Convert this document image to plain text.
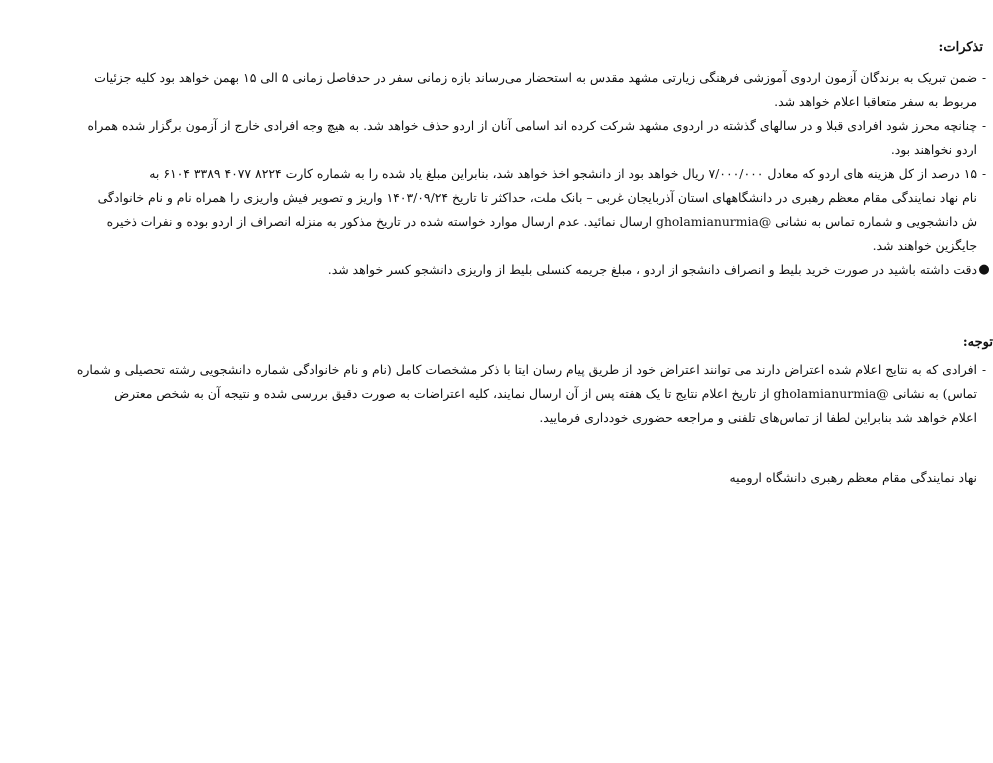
تذکرات:
-
ضمن تبریک به برندگان آزمون اردوی آموزشی فرهنگی زیارتی مشهد مقدس به استحضار می‌رساند بازه زمانی سفر در حدفاصل زمانی ۵ الی ۱۵ بهمن خواهد بود کلیه جزئیات
مربوط به سفر متعاقبا اعلام خواهد شد.
-
چنانچه محرز شود افرادی قبلا و در سالهای گذشته در اردوی مشهد شرکت کرده اند اسامی آنان از اردو حذف خواهد شد. به هیچ وجه افرادی خارج از آزمون برگزار شده همراه
اردو نخواهند بود.
-
۱۵ درصد از کل هزینه های اردو که معادل ۷/۰۰۰/۰۰۰ ریال خواهد بود از دانشجو اخذ خواهد شد، بنابراین مبلغ یاد شده را به شماره کارت ۸۲۲۴ ۴۰۷۷ ۳۳۸۹ ۶۱۰۴ به
نام نهاد نمایندگی مقام معظم رهبری در دانشگاههای استان آذربایجان غربی – بانک ملت، حداکثر تا تاریخ ۱۴۰۳/۰۹/۲۴ واریز و تصویر فیش واریزی را همراه نام و نام خانوادگی
ش دانشجویی و شماره تماس به نشانی @gholamianurmia ارسال نمائید. عدم ارسال موارد خواسته شده در تاریخ مذکور به منزله انصراف از اردو بوده و نفرات ذخیره
جایگزین خواهند شد.
●
دقت داشته باشید در صورت خرید بلیط و انصراف دانشجو از اردو ، مبلغ جریمه کنسلی بلیط از واریزی دانشجو کسر خواهد شد.
توجه:
-
افرادی که به نتایج اعلام شده اعتراض دارند می توانند اعتراض خود از طریق پیام رسان ایتا با ذکر مشخصات کامل (نام و نام خانوادگی شماره دانشجویی رشته تحصیلی و شماره
تماس) به نشانی @gholamianurmia از تاریخ اعلام نتایج تا یک هفته پس از آن ارسال نمایند، کلیه اعتراضات به صورت دقیق بررسی شده و نتیجه آن به شخص معترض
اعلام خواهد شد بنابراین لطفا از تماس‌های تلفنی و مراجعه حضوری خودداری فرمایید.
نهاد نمایندگی مقام معظم رهبری دانشگاه ارومیه
